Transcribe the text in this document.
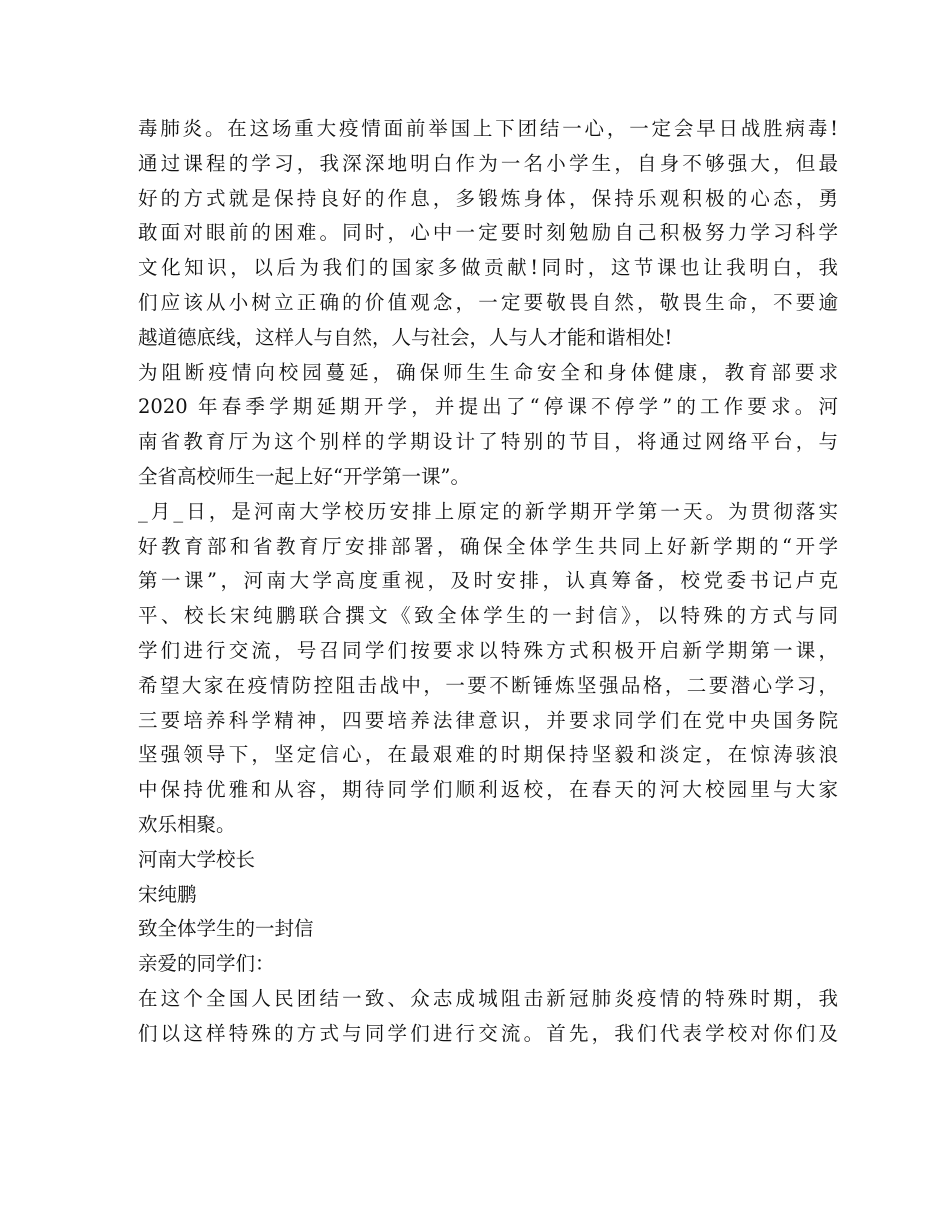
毒肺炎。在这场重大疫情面前举国上下团结一心，一定会早日战胜病毒!
通过课程的学习，我深深地明白作为一名小学生，自身不够强大，但最
好的方式就是保持良好的作息，多锻炼身体，保持乐观积极的心态，勇
敢面对眼前的困难。同时，心中一定要时刻勉励自己积极努力学习科学
文化知识，以后为我们的国家多做贡献!同时，这节课也让我明白，我
们应该从小树立正确的价值观念，一定要敬畏自然，敬畏生命，不要逾
越道德底线，这样人与自然，人与社会，人与人才能和谐相处!
为阻断疫情向校园蔓延，确保师生生命安全和身体健康，教育部要求
2020 年春季学期延期开学，并提出了“停课不停学”的工作要求。河
南省教育厅为这个别样的学期设计了特别的节目，将通过网络平台，与
全省高校师生一起上好“开学第一课”。
_月_日，是河南大学校历安排上原定的新学期开学第一天。为贯彻落实
好教育部和省教育厅安排部署，确保全体学生共同上好新学期的“开学
第一课”，河南大学高度重视，及时安排，认真筹备，校党委书记卢克
平、校长宋纯鹏联合撰文《致全体学生的一封信》，以特殊的方式与同
学们进行交流，号召同学们按要求以特殊方式积极开启新学期第一课，
希望大家在疫情防控阻击战中，一要不断锤炼坚强品格，二要潜心学习，
三要培养科学精神，四要培养法律意识，并要求同学们在党中央国务院
坚强领导下，坚定信心，在最艰难的时期保持坚毅和淡定，在惊涛骇浪
中保持优雅和从容，期待同学们顺利返校，在春天的河大校园里与大家
欢乐相聚。
河南大学校长
宋纯鹏
致全体学生的一封信
亲爱的同学们：
在这个全国人民团结一致、众志成城阻击新冠肺炎疫情的特殊时期，我
们以这样特殊的方式与同学们进行交流。首先，我们代表学校对你们及
